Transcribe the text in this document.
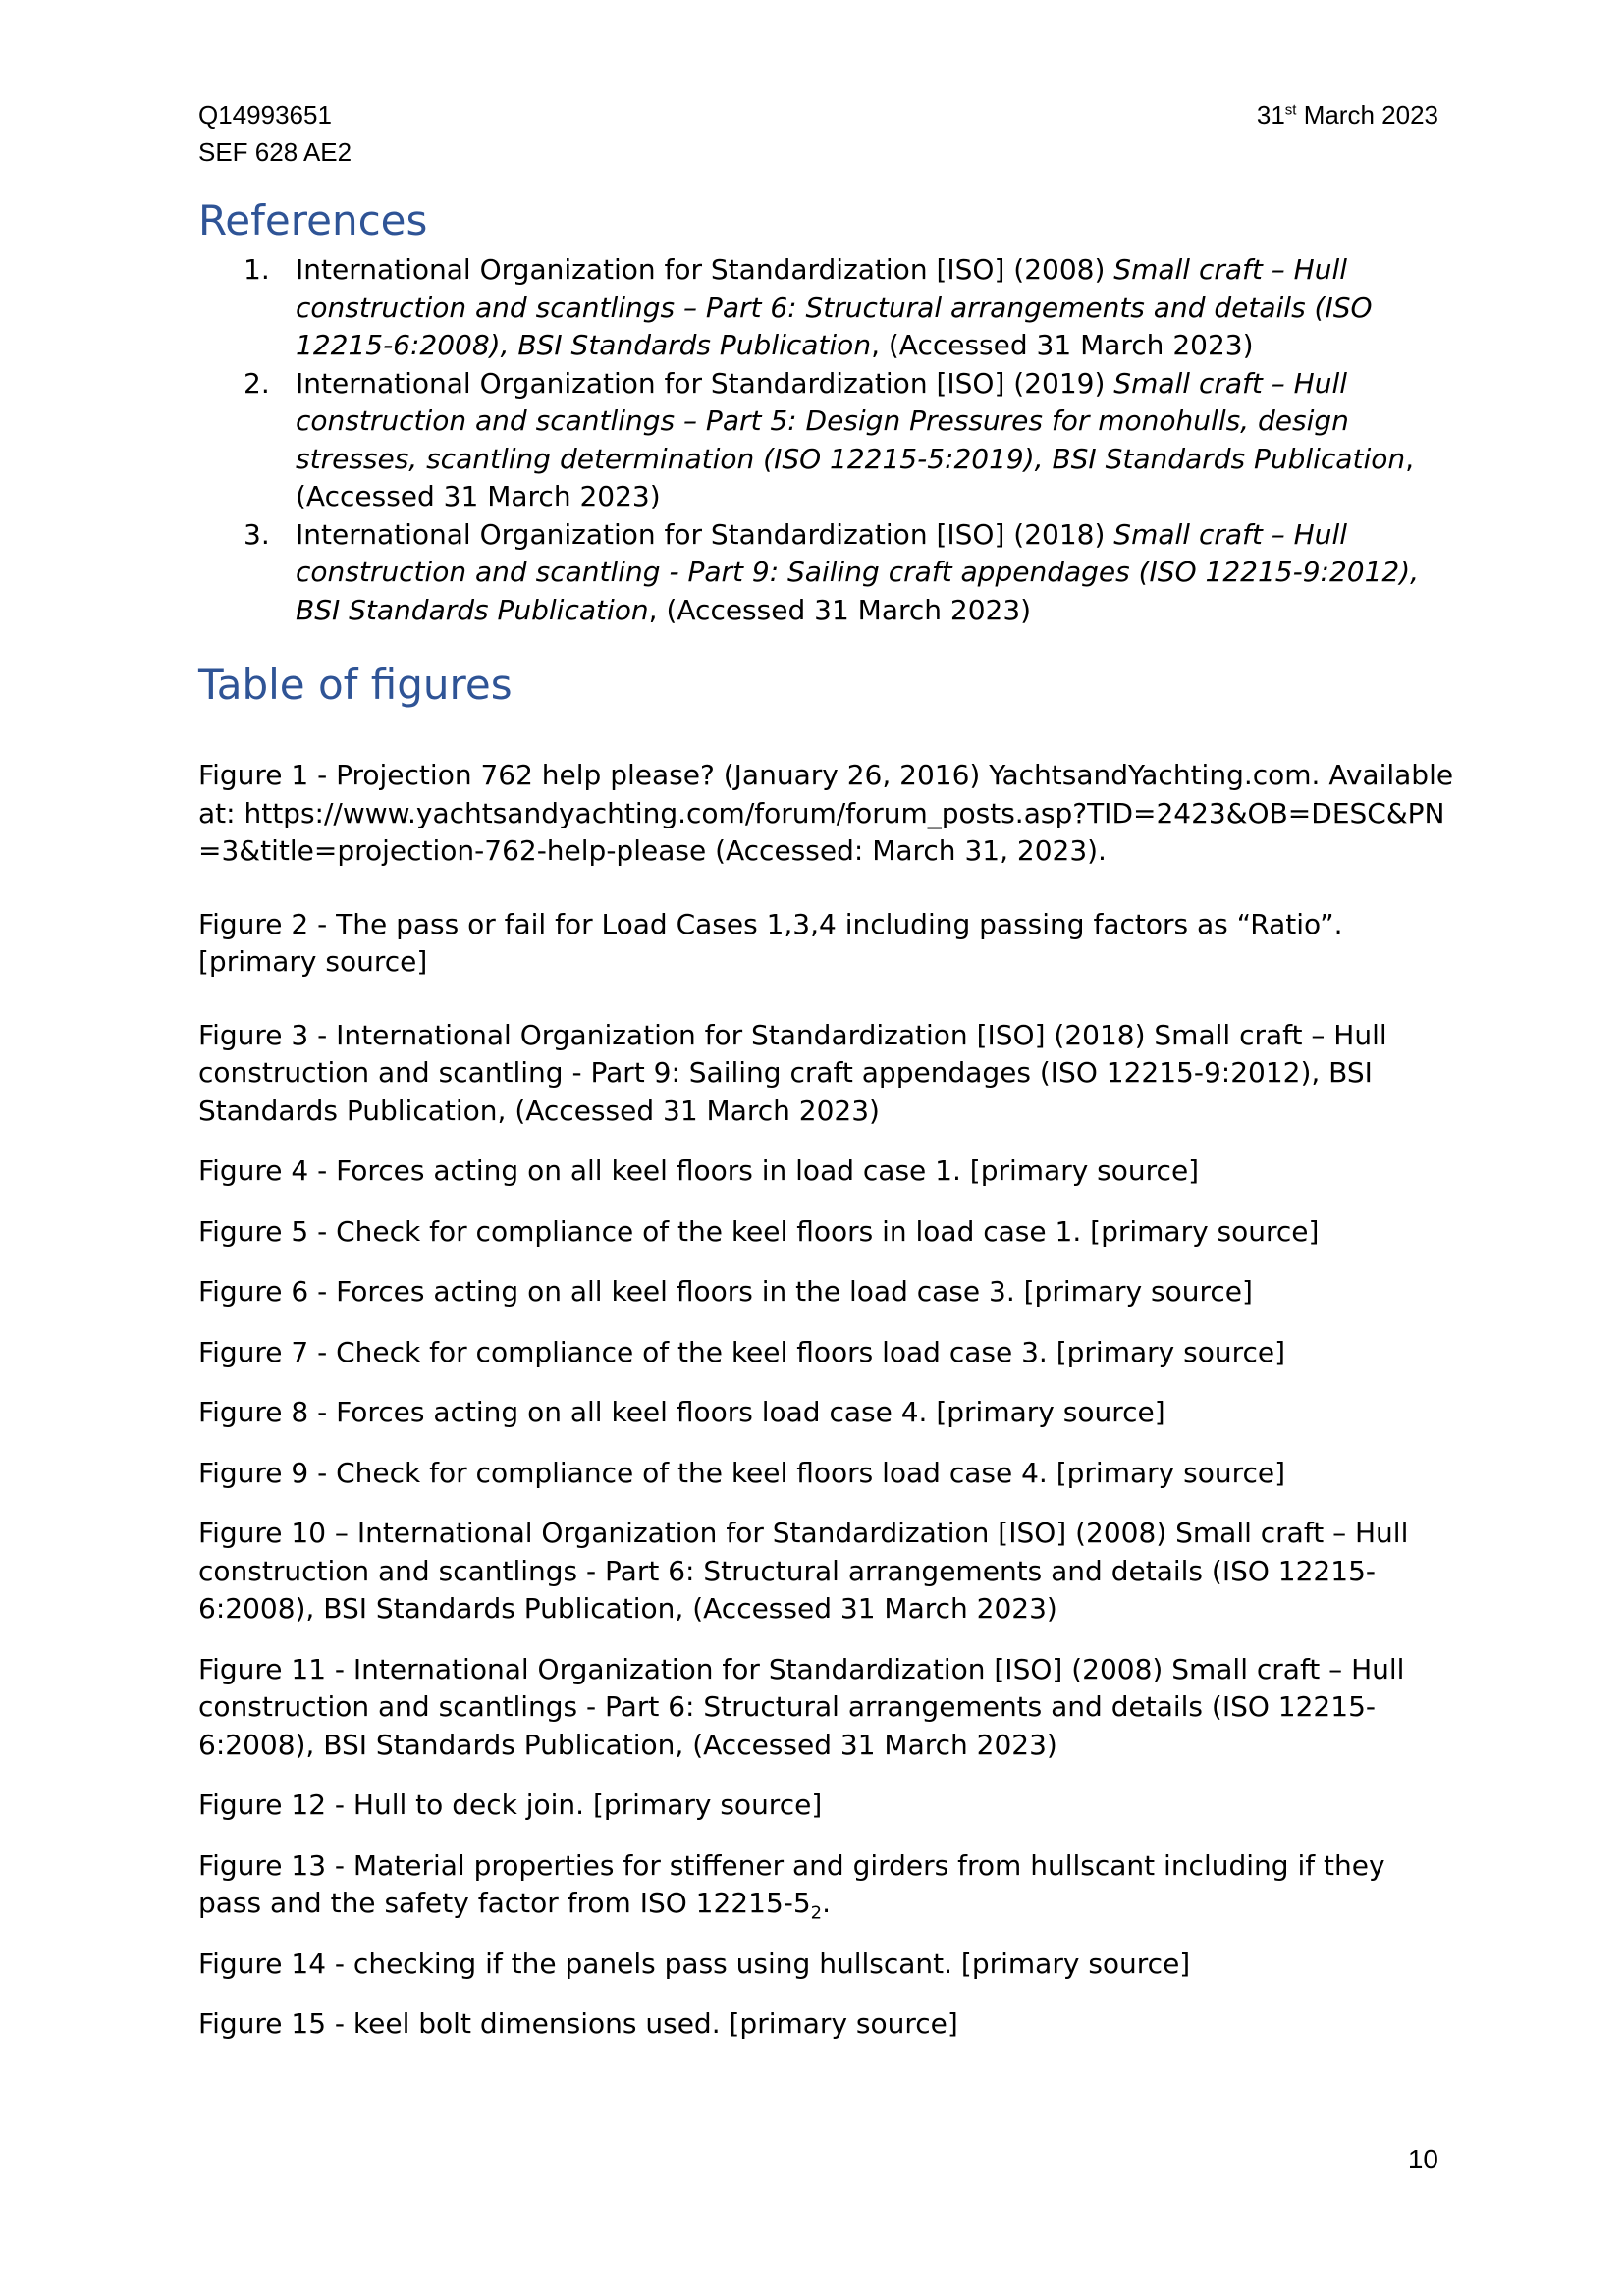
Q14993651
SEF 628 AE2
31st March 2023
References
1. International Organization for Standardization [ISO] (2008) Small craft – Hull construction and scantlings – Part 6: Structural arrangements and details (ISO 12215-6:2008), BSI Standards Publication, (Accessed 31 March 2023)
2. International Organization for Standardization [ISO] (2019) Small craft – Hull construction and scantlings – Part 5: Design Pressures for monohulls, design stresses, scantling determination (ISO 12215-5:2019), BSI Standards Publication, (Accessed 31 March 2023)
3. International Organization for Standardization [ISO] (2018) Small craft – Hull construction and scantling - Part 9: Sailing craft appendages (ISO 12215-9:2012), BSI Standards Publication, (Accessed 31 March 2023)
Table of figures

Figure 1 - Projection 762 help please? (January 26, 2016) YachtsandYachting.com. Available at: https://www.yachtsandyachting.com/forum/forum_posts.asp?TID=2423&OB=DESC&PN=3&title=projection-762-help-please (Accessed: March 31, 2023).

Figure 2 - The pass or fail for Load Cases 1,3,4 including passing factors as “Ratio”. [primary source]

Figure 3 - International Organization for Standardization [ISO] (2018) Small craft – Hull construction and scantling - Part 9: Sailing craft appendages (ISO 12215-9:2012), BSI Standards Publication, (Accessed 31 March 2023)

Figure 4 - Forces acting on all keel floors in load case 1. [primary source]

Figure 5 - Check for compliance of the keel floors in load case 1. [primary source]

Figure 6 - Forces acting on all keel floors in the load case 3. [primary source]

Figure 7 - Check for compliance of the keel floors load case 3. [primary source]

Figure 8 - Forces acting on all keel floors load case 4. [primary source]

Figure 9 - Check for compliance of the keel floors load case 4. [primary source]

Figure 10 – International Organization for Standardization [ISO] (2008) Small craft – Hull construction and scantlings - Part 6: Structural arrangements and details (ISO 12215-6:2008), BSI Standards Publication, (Accessed 31 March 2023)

Figure 11 - International Organization for Standardization [ISO] (2008) Small craft – Hull construction and scantlings - Part 6: Structural arrangements and details (ISO 12215-6:2008), BSI Standards Publication, (Accessed 31 March 2023)

Figure 12 - Hull to deck join. [primary source]

Figure 13 - Material properties for stiffener and girders from hullscant including if they pass and the safety factor from ISO $12215-5_2$.

Figure 14 - checking if the panels pass using hullscant. [primary source]

Figure 15 - keel bolt dimensions used. [primary source]

10
